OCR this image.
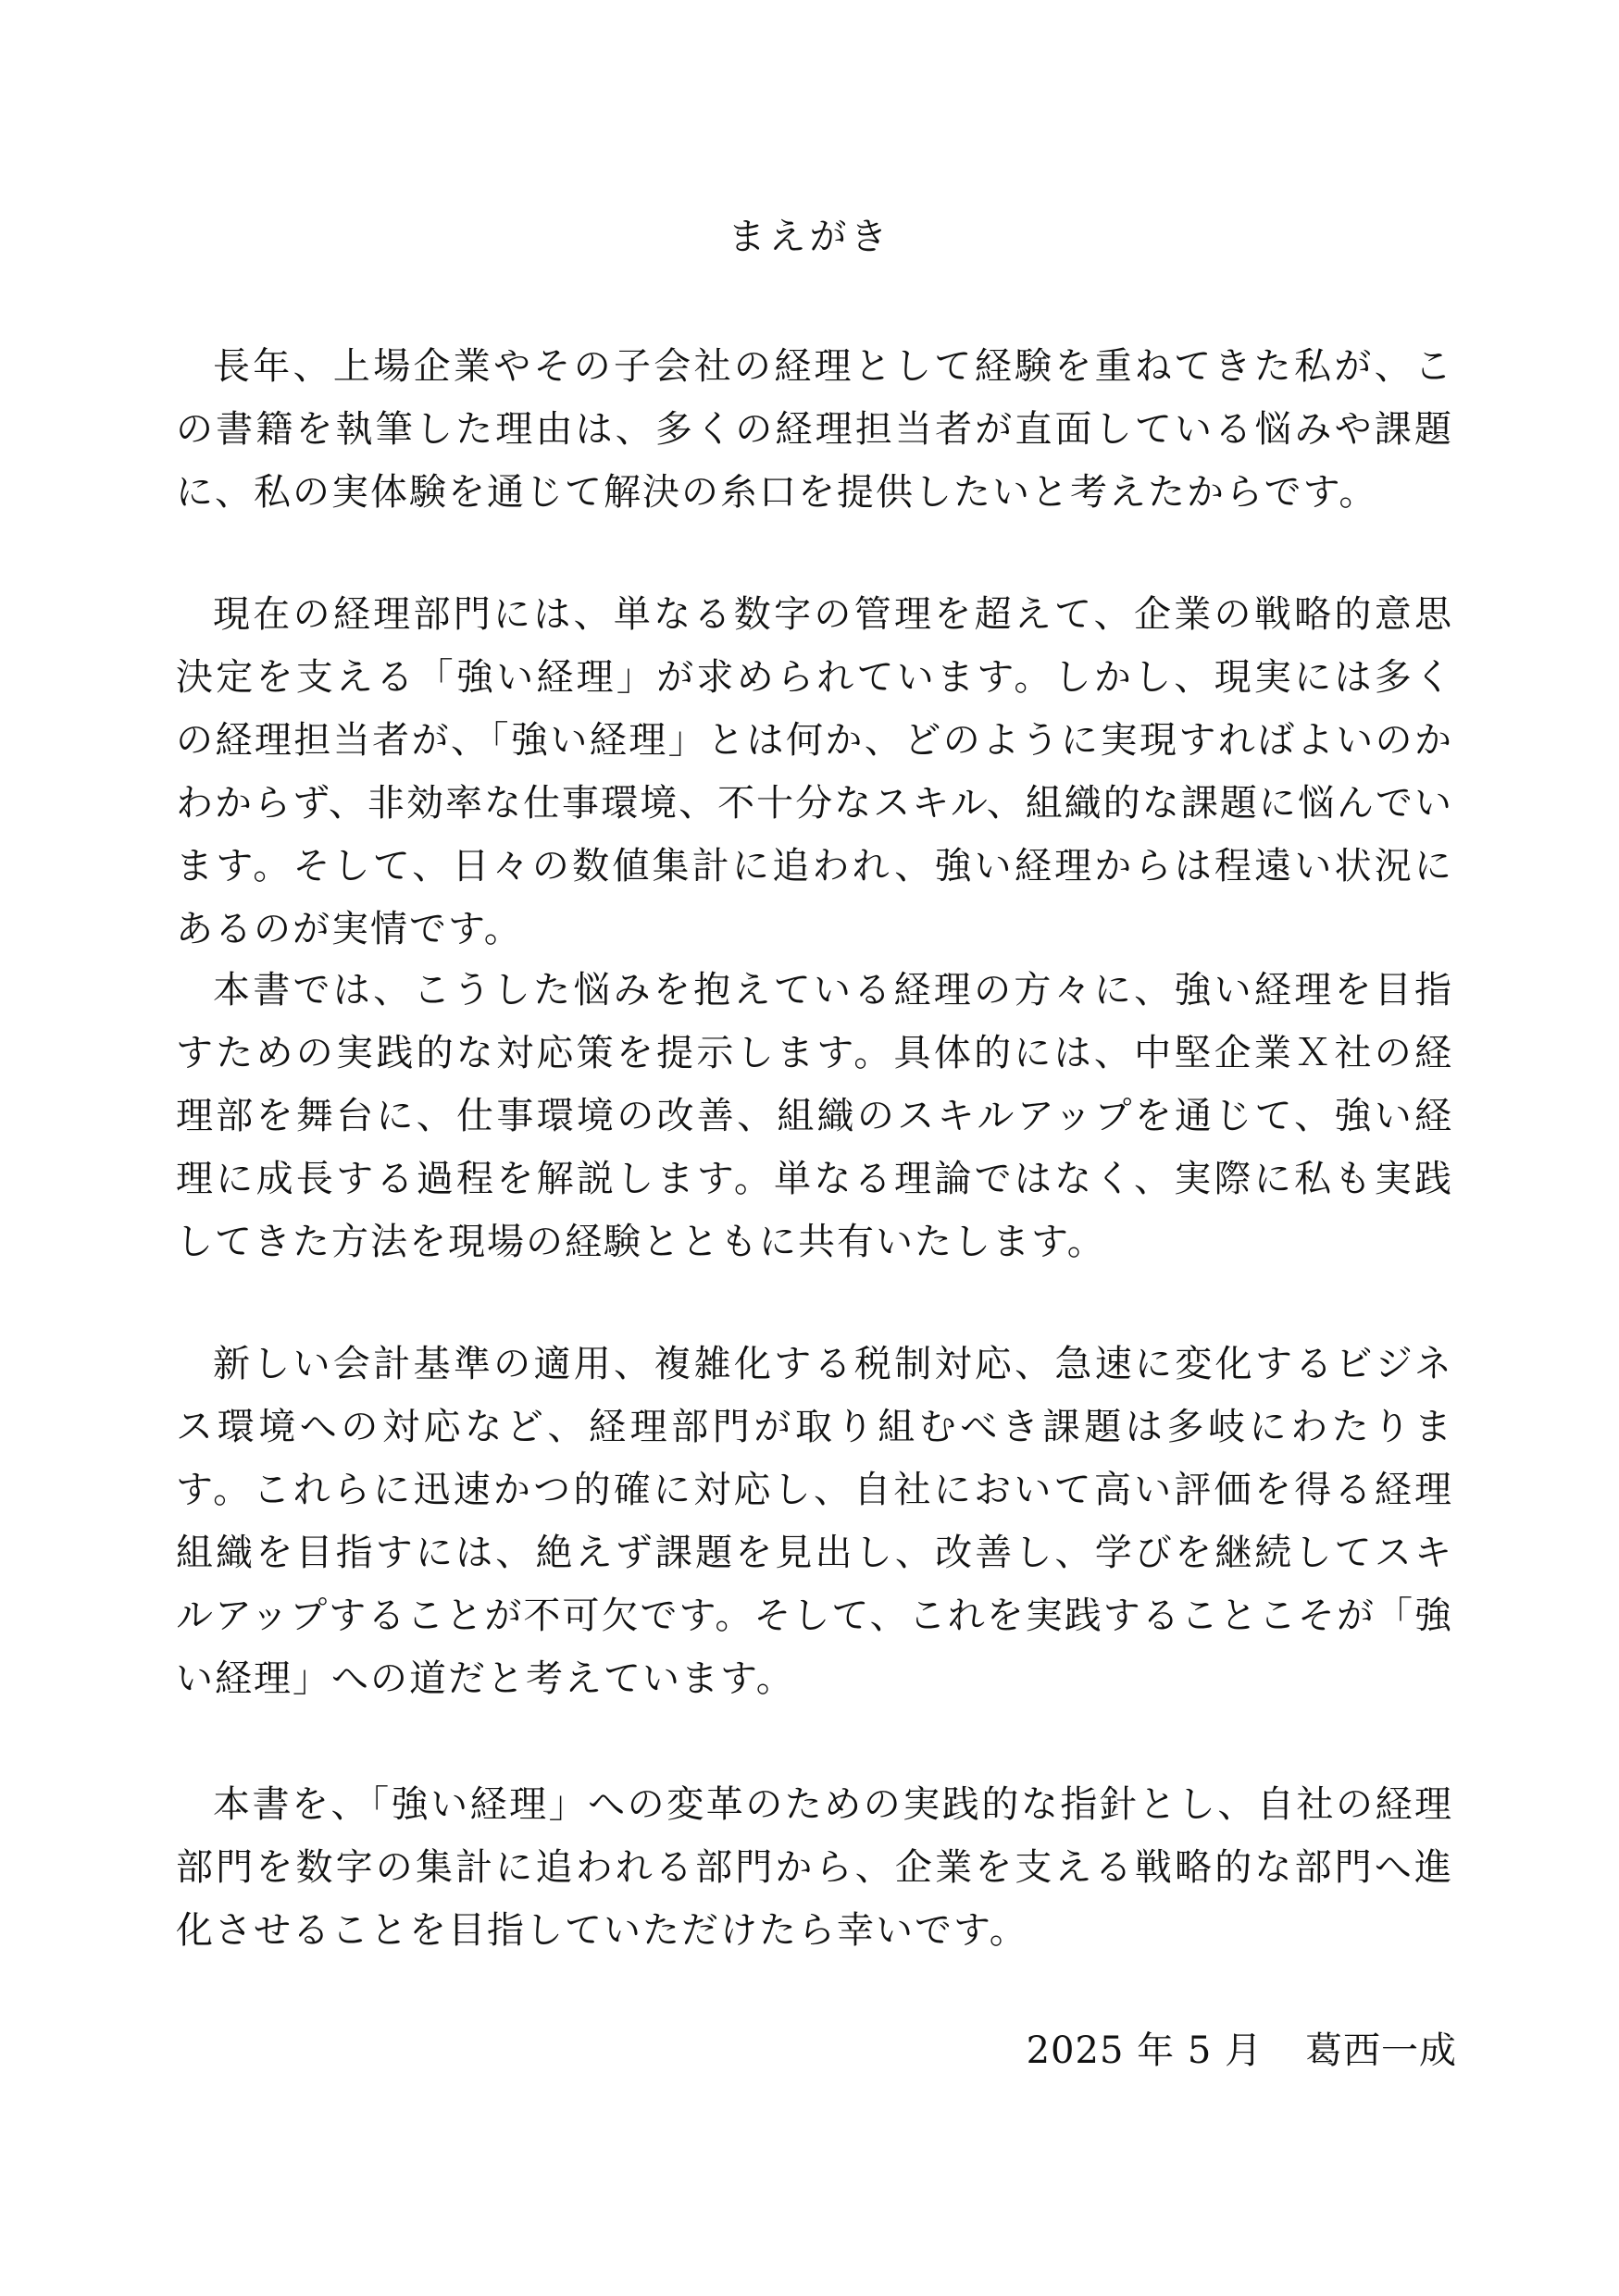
まえがき

長年、上場企業やその子会社の経理として経験を重ねてきた私が、この書籍を執筆した理由は、多くの経理担当者が直面している悩みや課題に、私の実体験を通じて解決の糸口を提供したいと考えたからです。

現在の経理部門には、単なる数字の管理を超えて、企業の戦略的意思決定を支える「強い経理」が求められています。しかし、現実には多くの経理担当者が、「強い経理」とは何か、どのように実現すればよいのかわからず、非効率な仕事環境、不十分なスキル、組織的な課題に悩んでいます。そして、日々の数値集計に追われ、強い経理からは程遠い状況にあるのが実情です。

本書では、こうした悩みを抱えている経理の方々に、強い経理を目指すための実践的な対応策を提示します。具体的には、中堅企業Ｘ社の経理部を舞台に、仕事環境の改善、組織のスキルアップを通じて、強い経理に成長する過程を解説します。単なる理論ではなく、実際に私も実践してきた方法を現場の経験とともに共有いたします。

新しい会計基準の適用、複雑化する税制対応、急速に変化するビジネス環境への対応など、経理部門が取り組むべき課題は多岐にわたります。これらに迅速かつ的確に対応し、自社において高い評価を得る経理組織を目指すには、絶えず課題を見出し、改善し、学びを継続してスキルアップすることが不可欠です。そして、これを実践することこそが「強い経理」への道だと考えています。

本書を、「強い経理」への変革のための実践的な指針とし、自社の経理部門を数字の集計に追われる部門から、企業を支える戦略的な部門へ進化させることを目指していただけたら幸いです。

2025 年 5 月 葛西一成
